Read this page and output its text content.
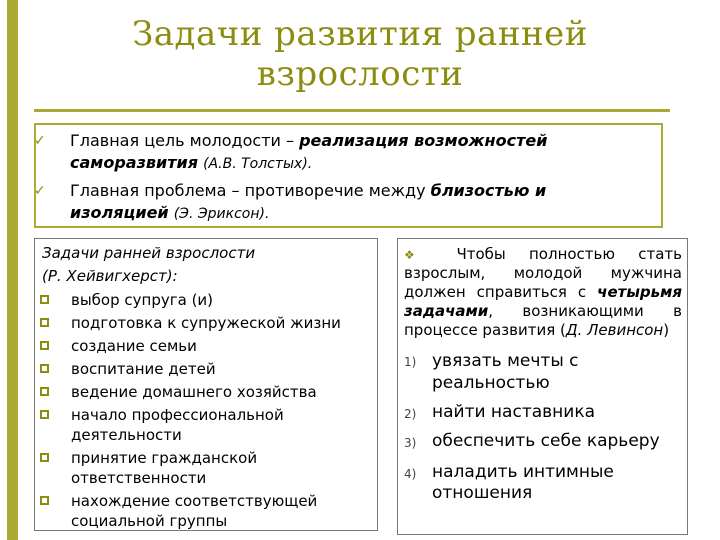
Задачи развития ранней
взрослости
✓ Главная цель молодости – реализация возможностей
саморазвития (А.В. Толстых).
✓ Главная проблема – противоречие между близостью и
изоляцией (Э. Эриксон).
Задачи ранней взрослости
(Р. Хейвигхерст):
выбор супруга (и)
подготовка к супружеской жизни
создание семьи
воспитание детей
ведение домашнего хозяйства
начало профессиональной
деятельности
принятие гражданской
ответственности
нахождение соответствующей
социальной группы
❖ Чтобы полностью стать
взрослым, молодой мужчина
должен справиться с четырьмя
задачами, возникающими в
процессе развития (Д. Левинсон)
1) увязать мечты с
реальностью
2) найти наставника
3) обеспечить себе карьеру
4) наладить интимные
отношения
